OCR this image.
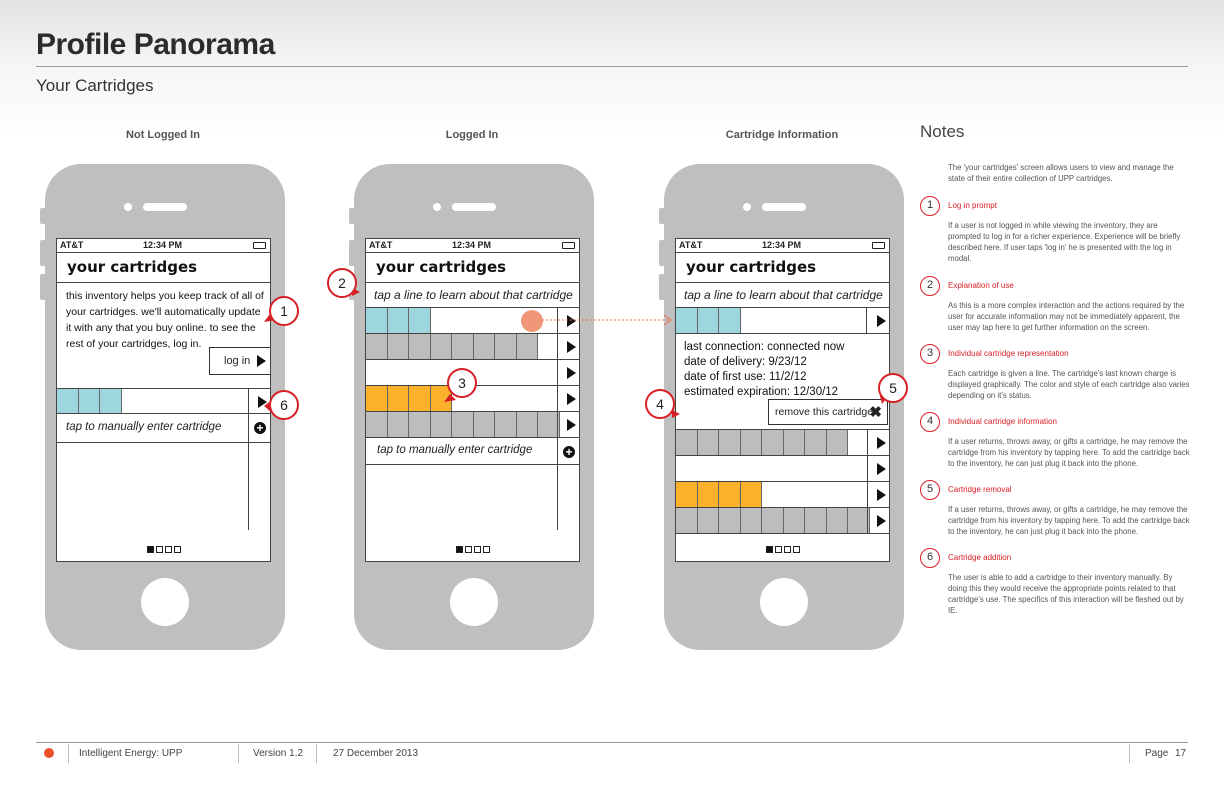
Profile Panorama
Your Cartridges
Not Logged In	Logged In	Cartridge Information
AT&T	12:34 PM
your cartridges
this inventory helps you keep track of all of your cartridges. we'll automatically update it with any that you buy online. to see the rest of your cartridges, log in.
log in
tap to manually enter cartridge	+
AT&T	12:34 PM
your cartridges
tap a line to learn about that cartridge
tap to manually enter cartridge	+
AT&T	12:34 PM
your cartridges
tap a line to learn about that cartridge
last connection: connected now
date of delivery: 9/23/12
date of first use: 11/2/12
estimated expiration: 12/30/12
remove this cartridge
✖
1
2
3
4
5
6
Notes
The 'your cartridges' screen allows users to view and manage the state of their entire collection of UPP cartridges.
1	Log in prompt
If a user is not logged in while viewing the inventory, they are prompted to log in for a richer experience. Experience will be briefly described here. If user taps 'log in' he is presented with the log in modal.
2	Explanation of use
As this is a more complex interaction and the actions required by the user for accurate information may not be immediately apparent, the user may tap here to get further information on the screen.
3	Individual cartridge representation
Each cartridge is given a line. The cartridge's last known charge is displayed graphically. The color and style of each cartridge also varies depending on it's status.
4	Individual cartridge information
If a user returns, throws away, or gifts a cartridge, he may remove the cartridge from his inventory by tapping here. To add the cartridge back to the inventory, he can just plug it back into the phone.
5	Cartridge removal
If a user returns, throws away, or gifts a cartridge, he may remove the cartridge from his inventory by tapping here. To add the cartridge back to the inventory, he can just plug it back into the phone.
6	Cartridge addition
The user is able to add a cartridge to their inventory manually. By doing this they would receive the appropriate points related to that cartridge's use. The specifics of this interaction will be fleshed out by IE.
Intelligent Energy: UPP	Version 1.2	27 December 2013	Page 17
